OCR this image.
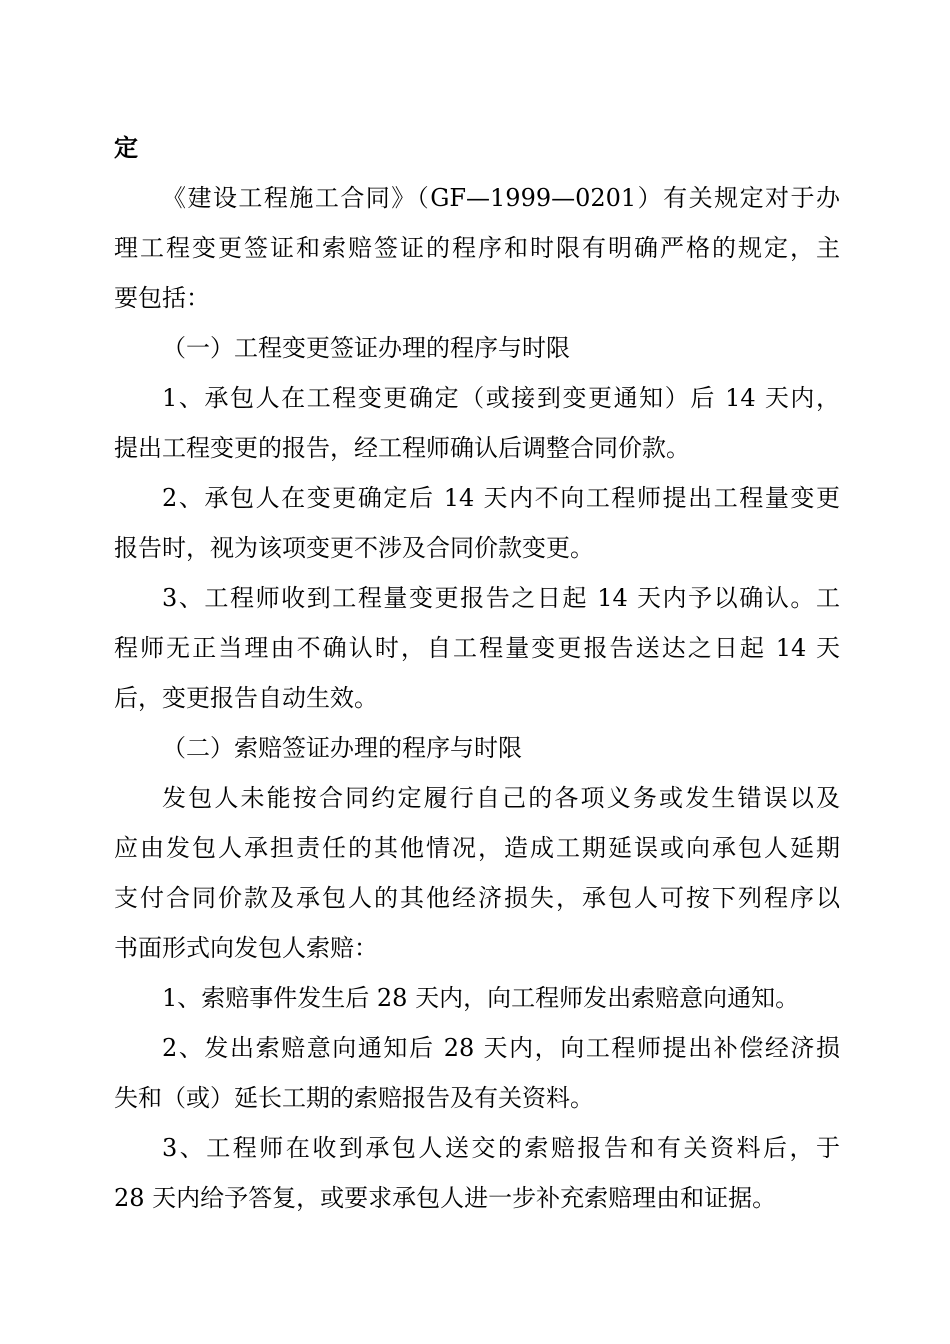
定
《建设工程施工合同》（GF—1999—0201）有关规定对于办
理工程变更签证和索赔签证的程序和时限有明确严格的规定，主
要包括：
（一）工程变更签证办理的程序与时限
1、承包人在工程变更确定（或接到变更通知）后 14 天内，
提出工程变更的报告，经工程师确认后调整合同价款。
2、承包人在变更确定后 14 天内不向工程师提出工程量变更
报告时，视为该项变更不涉及合同价款变更。
3、工程师收到工程量变更报告之日起 14 天内予以确认。工
程师无正当理由不确认时，自工程量变更报告送达之日起 14 天
后，变更报告自动生效。
（二）索赔签证办理的程序与时限
发包人未能按合同约定履行自己的各项义务或发生错误以及
应由发包人承担责任的其他情况，造成工期延误或向承包人延期
支付合同价款及承包人的其他经济损失，承包人可按下列程序以
书面形式向发包人索赔：
1、索赔事件发生后 28 天内，向工程师发出索赔意向通知。
2、发出索赔意向通知后 28 天内，向工程师提出补偿经济损
失和（或）延长工期的索赔报告及有关资料。
3、工程师在收到承包人送交的索赔报告和有关资料后，于
28 天内给予答复，或要求承包人进一步补充索赔理由和证据。
